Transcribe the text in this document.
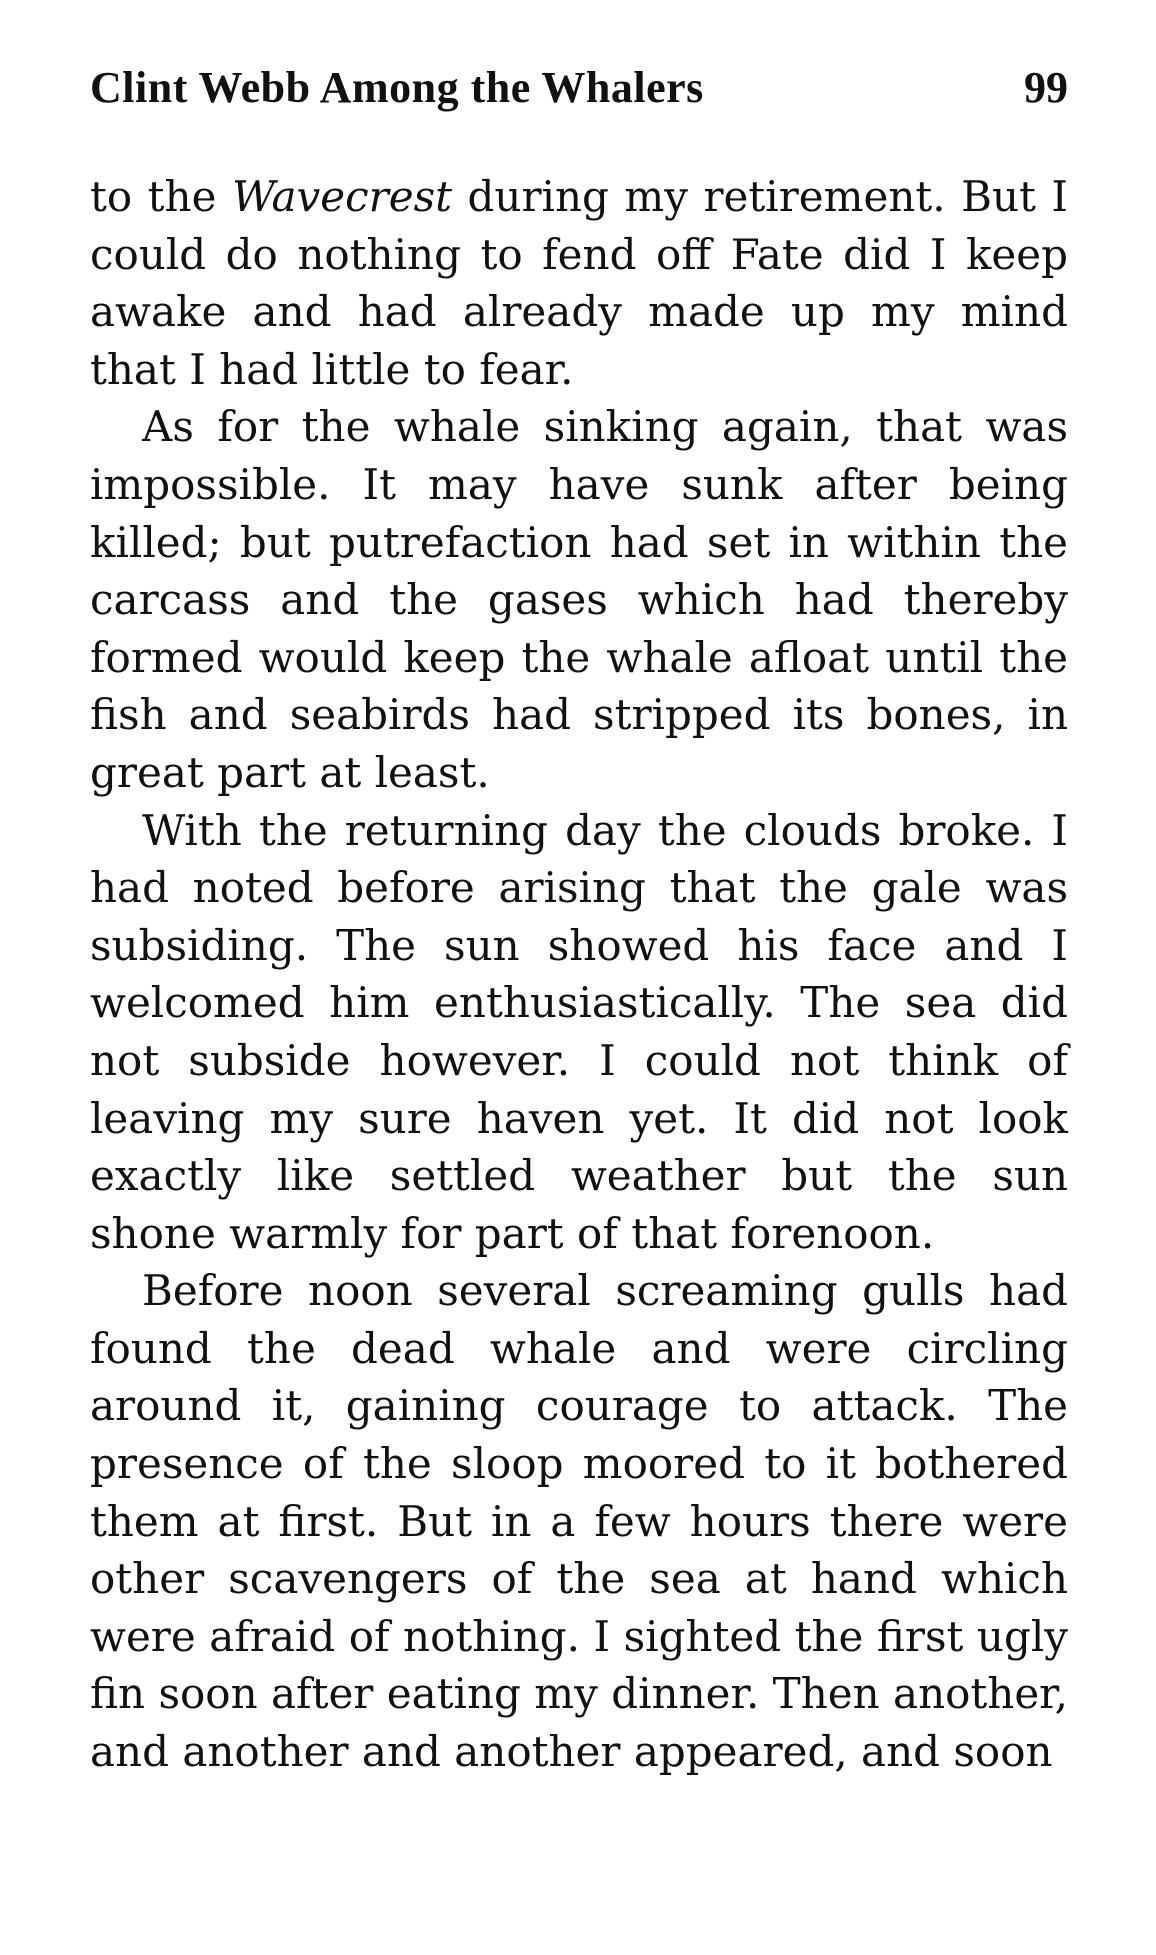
Clint Webb Among the Whalers	99

to the Wavecrest during my retirement. But I could do nothing to fend off Fate did I keep awake and had already made up my mind that I had little to fear.

As for the whale sinking again, that was impossible. It may have sunk after being killed; but putrefaction had set in within the carcass and the gases which had thereby formed would keep the whale afloat until the fish and seabirds had stripped its bones, in great part at least.

With the returning day the clouds broke. I had noted before arising that the gale was subsiding. The sun showed his face and I welcomed him enthusiastically. The sea did not subside however. I could not think of leaving my sure haven yet. It did not look exactly like settled weather but the sun shone warmly for part of that forenoon.

Before noon several screaming gulls had found the dead whale and were circling around it, gaining courage to attack. The presence of the sloop moored to it bothered them at first. But in a few hours there were other scavengers of the sea at hand which were afraid of nothing. I sighted the first ugly fin soon after eating my dinner. Then another, and another and another appeared, and soon
